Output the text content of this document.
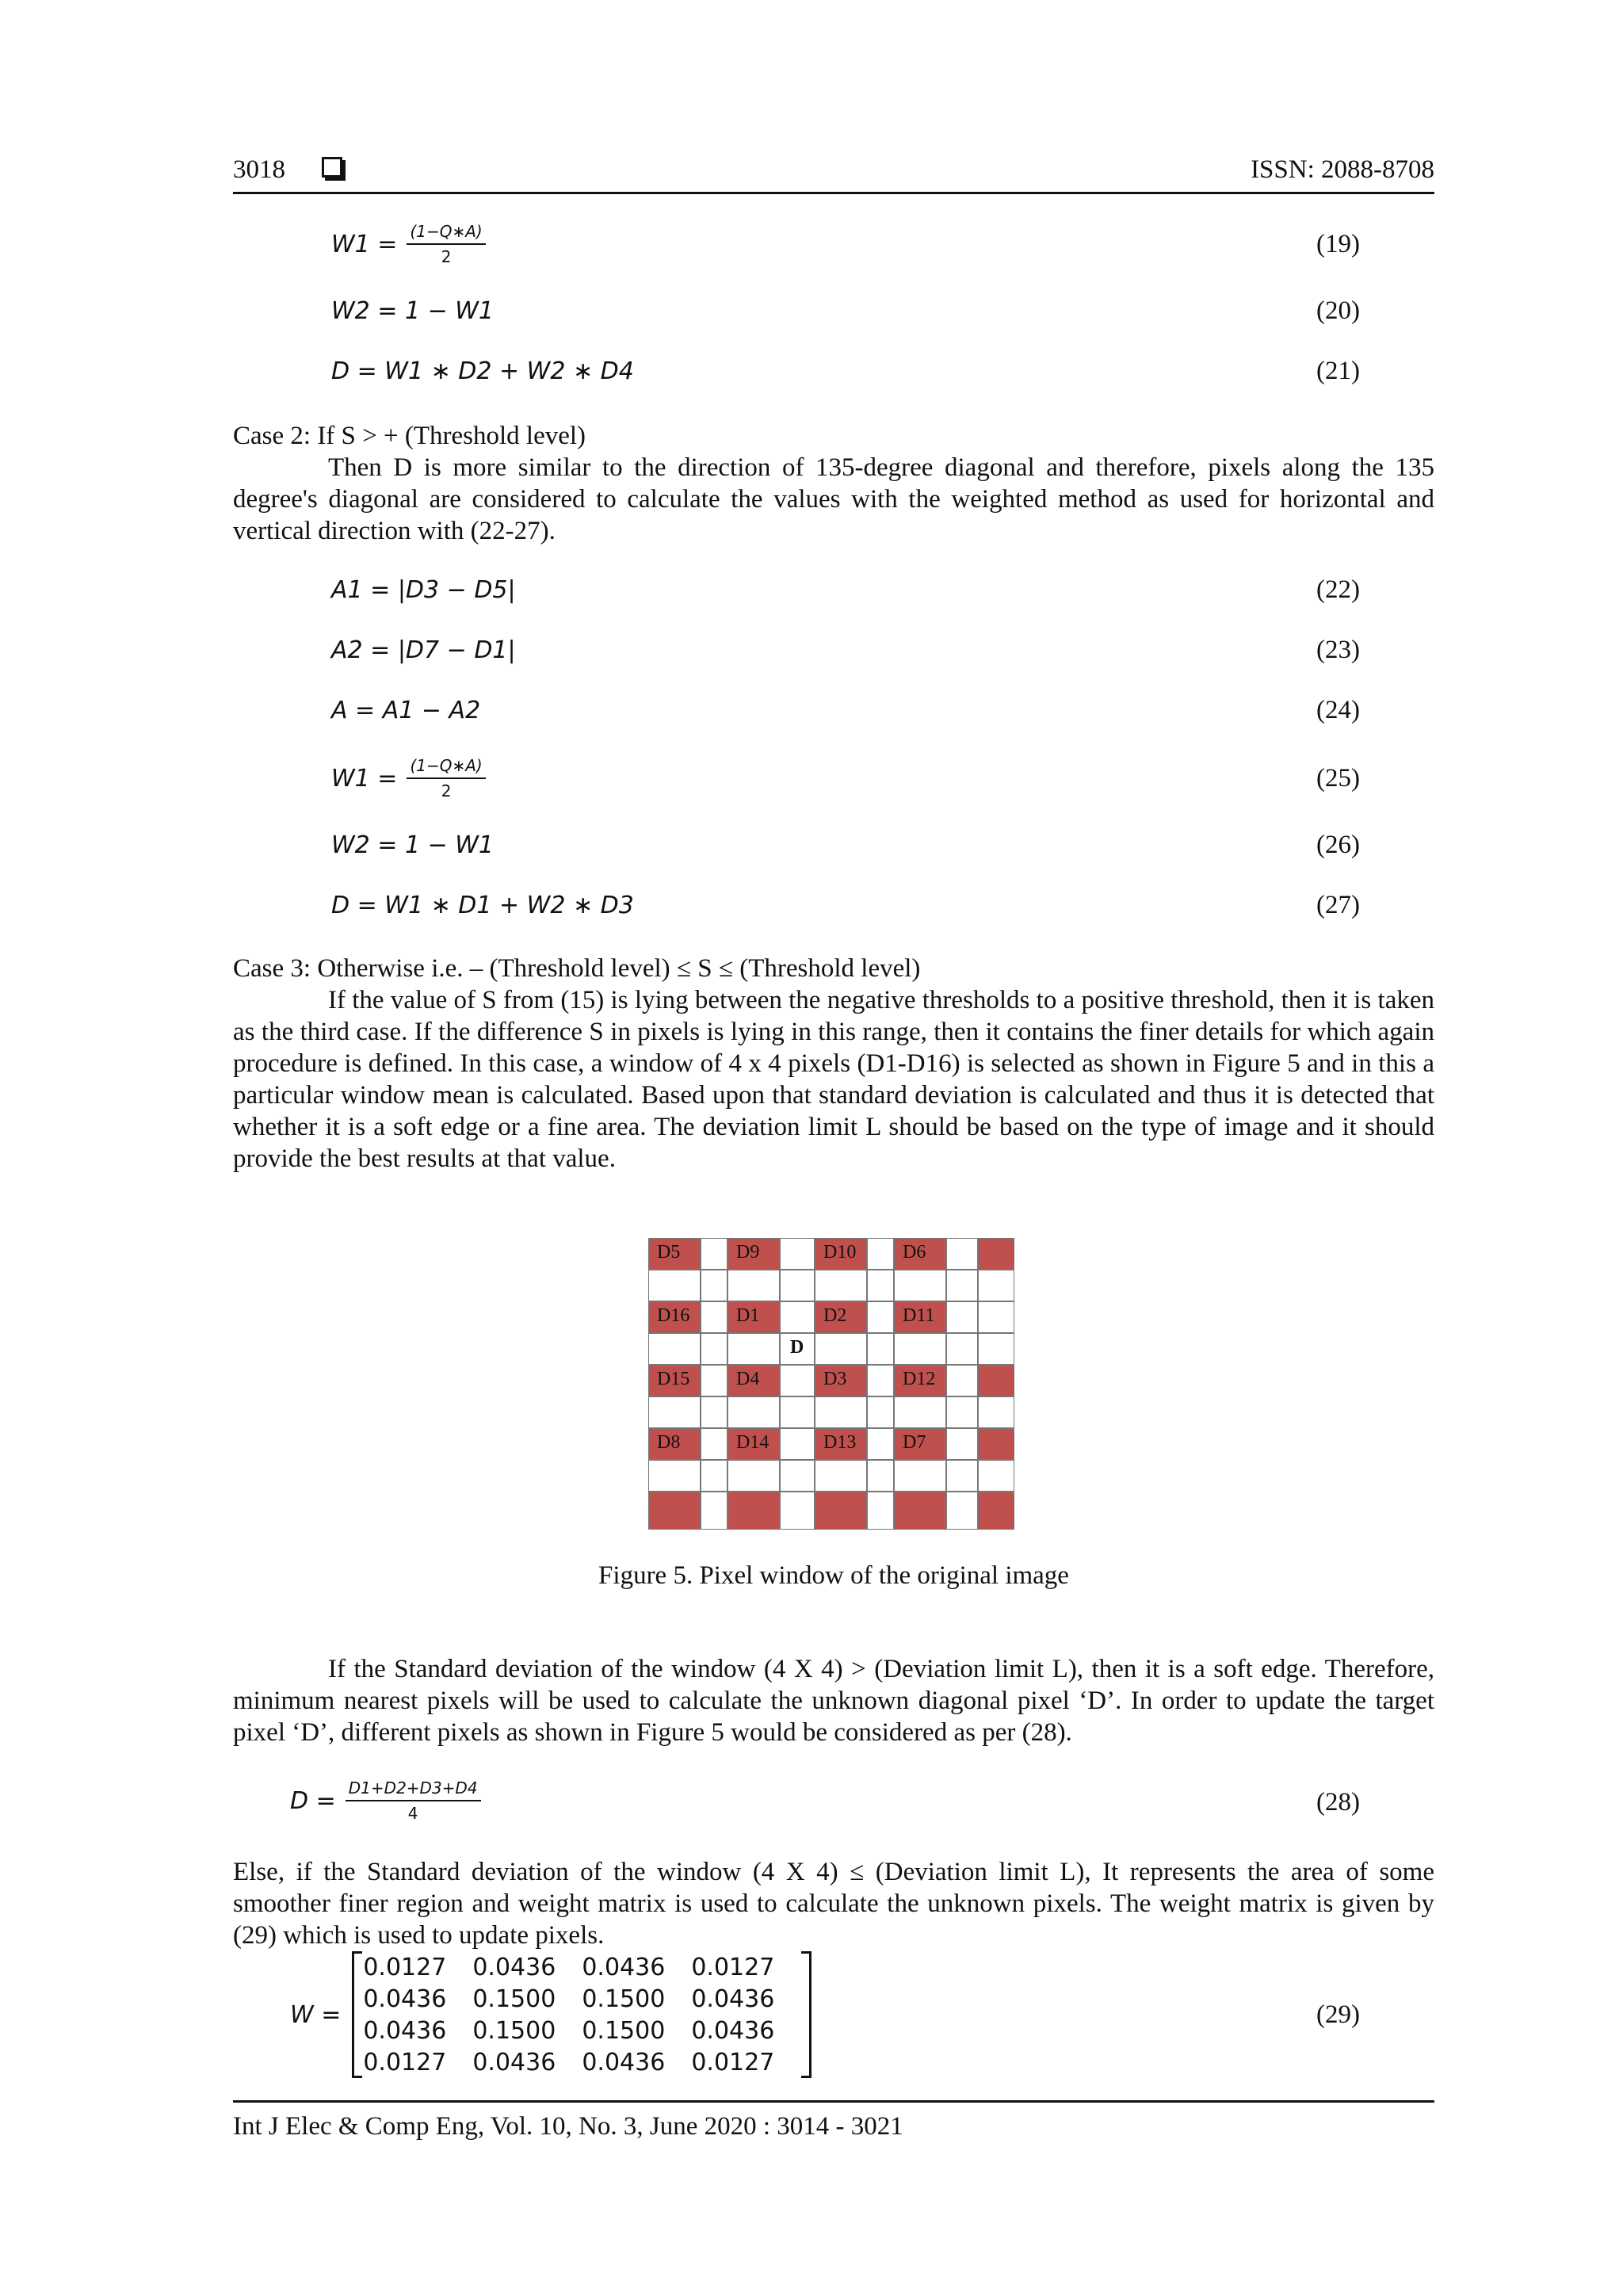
3018	ISSN: 2088-8708
$W1 = \frac{(1-Q∗A)}{2}$	(19)
W2 = 1 − W1	(20)
D = W1 ∗ D2 + W2 ∗ D4	(21)

Case 2: If S > + (Threshold level)

Then D is more similar to the direction of 135-degree diagonal and therefore, pixels along the 135 degree's diagonal are considered to calculate the values with the weighted method as used for horizontal and vertical direction with (22-27).

A1 = |D3 − D5|	(22)
A2 = |D7 − D1|	(23)
A = A1 − A2	(24)
$W1 = \frac{(1-Q∗A)}{2}$	(25)
W2 = 1 − W1	(26)
D = W1 ∗ D1 + W2 ∗ D3	(27)

Case 3: Otherwise i.e. – (Threshold level) ≤ S ≤ (Threshold level)

If the value of S from (15) is lying between the negative thresholds to a positive threshold, then it is taken as the third case. If the difference S in pixels is lying in this range, then it contains the finer details for which again procedure is defined. In this case, a window of 4 x 4 pixels (D1-D16) is selected as shown in Figure 5 and in this a particular window mean is calculated. Based upon that standard deviation is calculated and thus it is detected that whether it is a soft edge or a fine area. The deviation limit L should be based on the type of image and it should provide the best results at that value.

D5	D9	D10	D6
D16	D1	D2	D11
D
D15	D4	D3	D12
D8	D14	D13	D7
Figure 5. Pixel window of the original image

If the Standard deviation of the window (4 X 4) > (Deviation limit L), then it is a soft edge. Therefore, minimum nearest pixels will be used to calculate the unknown diagonal pixel ‘D’. In order to update the target pixel ‘D’, different pixels as shown in Figure 5 would be considered as per (28).

$D = \frac{D1+D2+D3+D4}{4}$	(28)

Else, if the Standard deviation of the window (4 X 4) ≤ (Deviation limit L), It represents the area of some smoother finer region and weight matrix is used to calculate the unknown pixels. The weight matrix is given by (29) which is used to update pixels.

W =
0.0127	0.0436	0.0436	0.0127
0.0436	0.1500	0.1500	0.0436
0.0436	0.1500	0.1500	0.0436
0.0127	0.0436	0.0436	0.0127
(29)
Int J Elec & Comp Eng, Vol. 10, No. 3, June 2020 : 3014 - 3021
